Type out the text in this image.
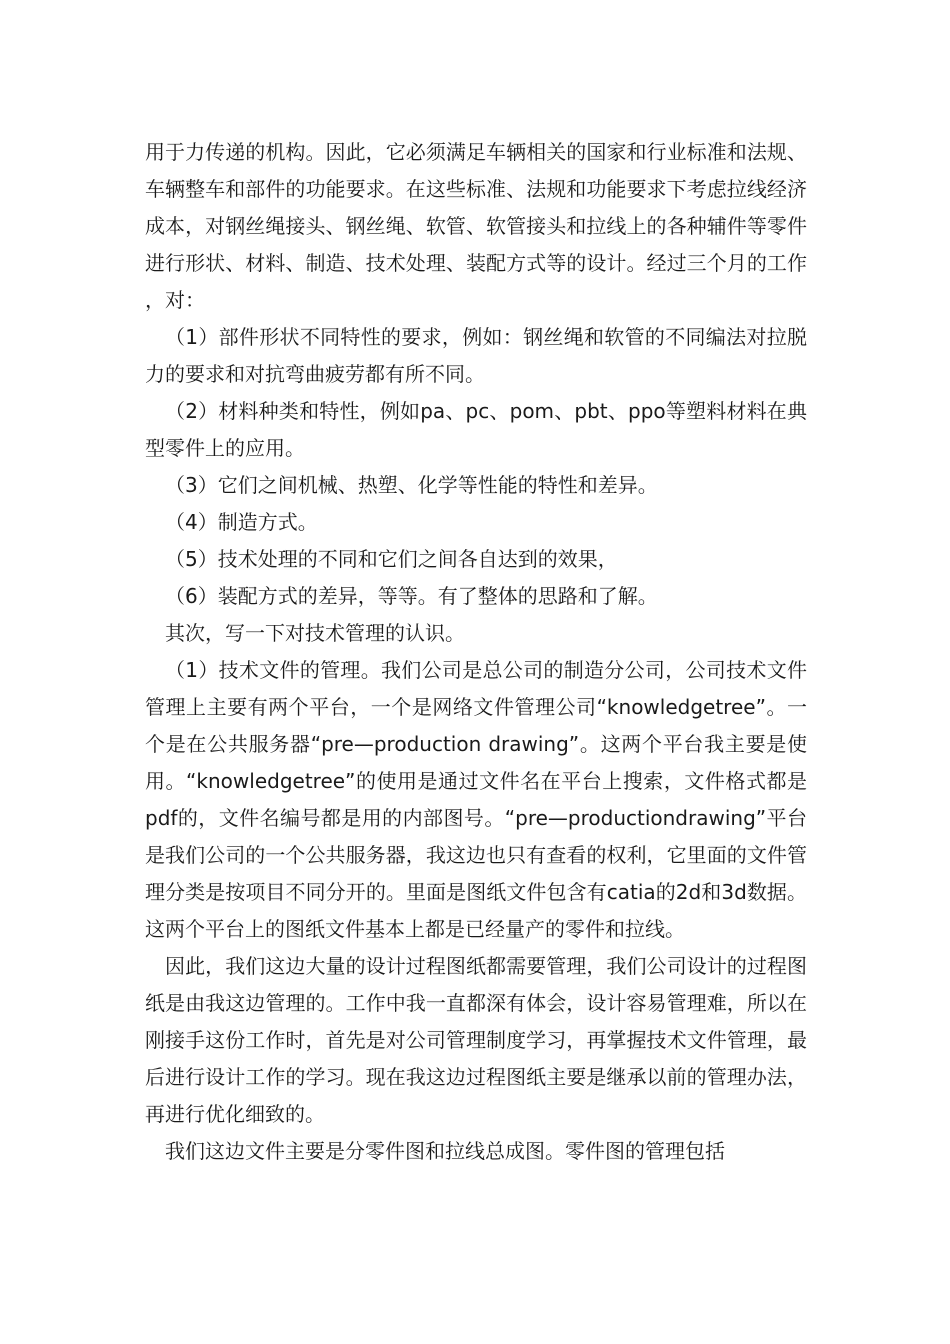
用于力传递的机构。因此，它必须满足车辆相关的国家和行业标准和法规、车辆整车和部件的功能要求。在这些标准、法规和功能要求下考虑拉线经济成本，对钢丝绳接头、钢丝绳、软管、软管接头和拉线上的各种辅件等零件进行形状、材料、制造、技术处理、装配方式等的设计。经过三个月的工作，对：

（1）部件形状不同特性的要求，例如：钢丝绳和软管的不同编法对拉脱力的要求和对抗弯曲疲劳都有所不同。

（2）材料种类和特性，例如pa、pc、pom、pbt、ppo等塑料材料在典型零件上的应用。

（3）它们之间机械、热塑、化学等性能的特性和差异。

（4）制造方式。

（5）技术处理的不同和它们之间各自达到的效果，

（6）装配方式的差异，等等。有了整体的思路和了解。

其次，写一下对技术管理的认识。

（1）技术文件的管理。我们公司是总公司的制造分公司，公司技术文件管理上主要有两个平台，一个是网络文件管理公司“knowledgetree”。一个是在公共服务器“pre—production drawing”。这两个平台我主要是使用。“knowledgetree”的使用是通过文件名在平台上搜索，文件格式都是pdf的，文件名编号都是用的内部图号。“pre—productiondrawing”平台是我们公司的一个公共服务器，我这边也只有查看的权利，它里面的文件管理分类是按项目不同分开的。里面是图纸文件包含有catia的2d和3d数据。这两个平台上的图纸文件基本上都是已经量产的零件和拉线。

因此，我们这边大量的设计过程图纸都需要管理，我们公司设计的过程图纸是由我这边管理的。工作中我一直都深有体会，设计容易管理难，所以在刚接手这份工作时，首先是对公司管理制度学习，再掌握技术文件管理，最后进行设计工作的学习。现在我这边过程图纸主要是继承以前的管理办法，再进行优化细致的。

我们这边文件主要是分零件图和拉线总成图。零件图的管理包括
